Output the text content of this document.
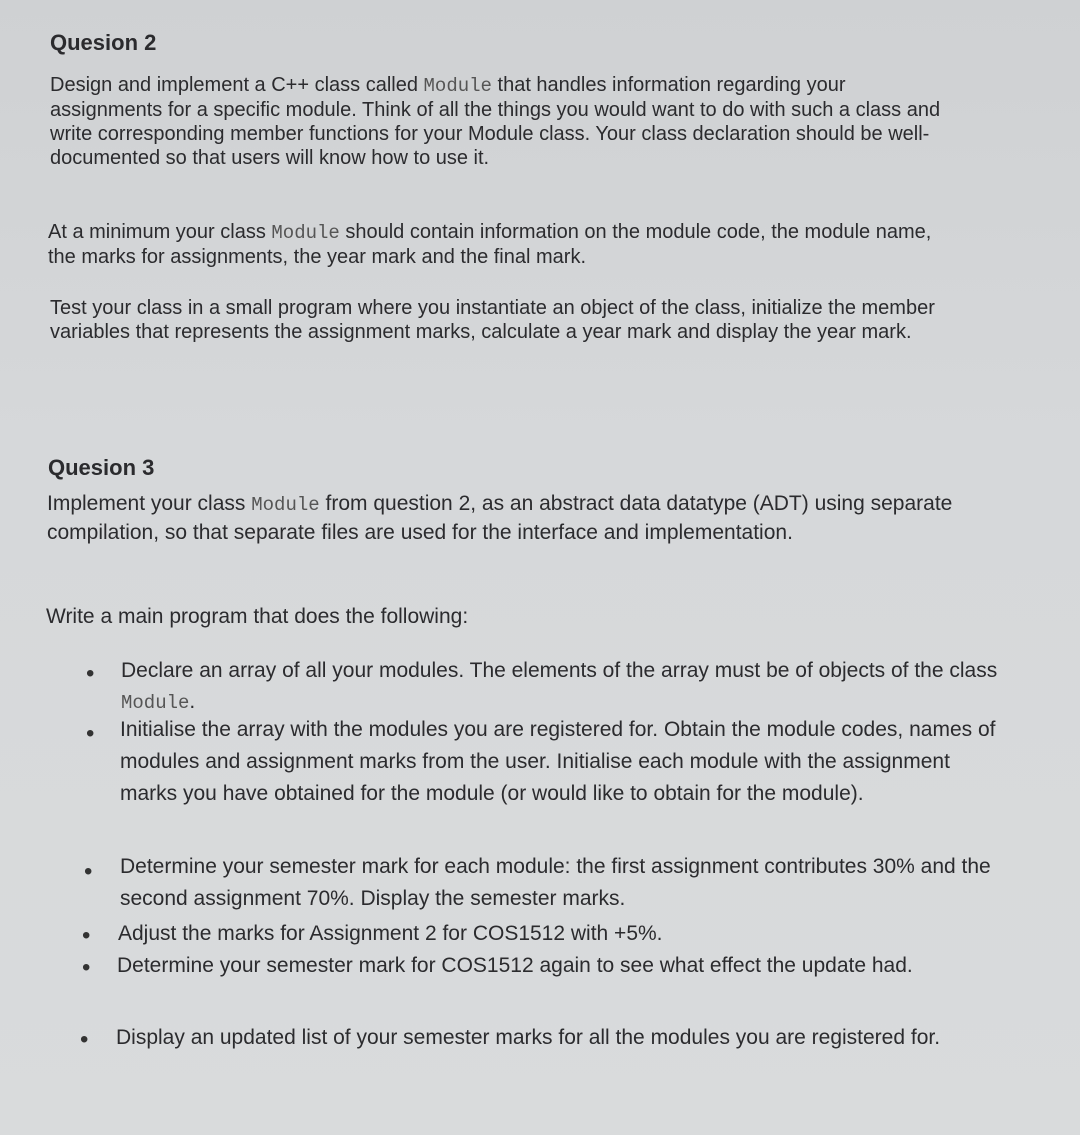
Quesion 2
Design and implement a C++ class called Module that handles information regarding your assignments for a specific module. Think of all the things you would want to do with such a class and write corresponding member functions for your Module class. Your class declaration should be well-documented so that users will know how to use it.
At a minimum your class Module should contain information on the module code, the module name, the marks for assignments, the year mark and the final mark.
Test your class in a small program where you instantiate an object of the class, initialize the member variables that represents the assignment marks, calculate a year mark and display the year mark.
Quesion 3
Implement your class Module from question 2, as an abstract data datatype (ADT) using separate compilation, so that separate files are used for the interface and implementation.
Write a main program that does the following:
• Declare an array of all your modules. The elements of the array must be of objects of the class Module.
• Initialise the array with the modules you are registered for. Obtain the module codes, names of modules and assignment marks from the user. Initialise each module with the assignment marks you have obtained for the module (or would like to obtain for the module).
• Determine your semester mark for each module: the first assignment contributes 30% and the second assignment 70%. Display the semester marks.
• Adjust the marks for Assignment 2 for COS1512 with +5%.
• Determine your semester mark for COS1512 again to see what effect the update had.
• Display an updated list of your semester marks for all the modules you are registered for.
